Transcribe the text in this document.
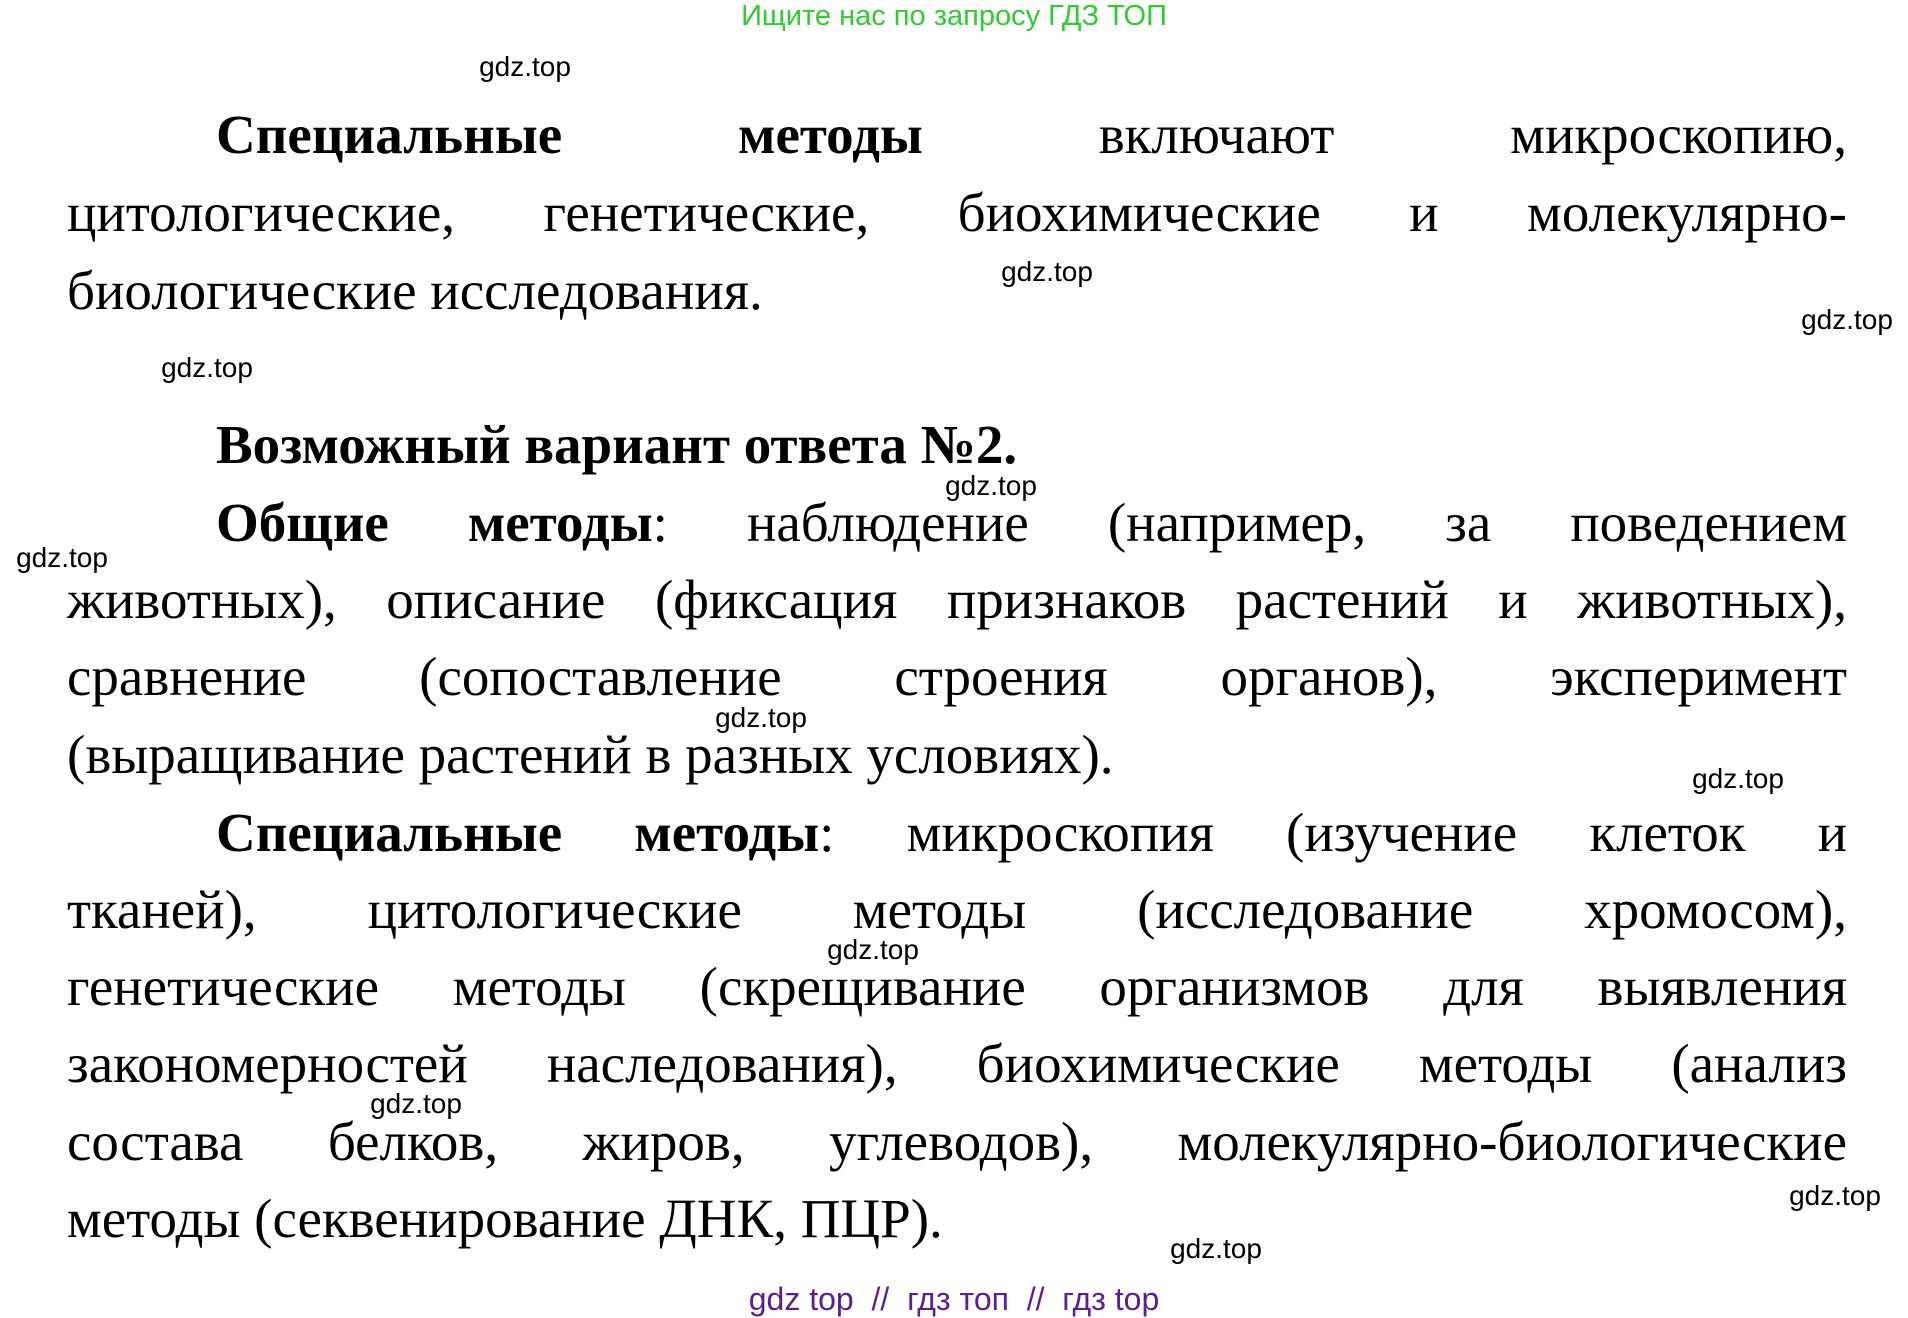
Ищите нас по запросу ГДЗ ТОП
Специальные методы	включают микроскопию,
цитологические, генетические, биохимические и молекулярно-
биологические исследования.
Возможный вариант ответа №2.
Общие методы: наблюдение (например, за поведением
животных), описание (фиксация признаков растений и животных),
сравнение (сопоставление строения органов), эксперимент
(выращивание растений в разных условиях).
Специальные методы: микроскопия (изучение клеток и
тканей), цитологические методы (исследование хромосом),
генетические методы (скрещивание организмов для выявления
закономерностей наследования), биохимические методы (анализ
состава белков, жиров, углеводов), молекулярно-биологические
методы (секвенирование ДНК, ПЦР).
gdz.top
gdz.top
gdz.top
gdz.top
gdz.top
gdz.top
gdz.top
gdz.top
gdz.top
gdz.top
gdz.top
gdz.top
gdz top  //  гдз топ  //  гдз top
